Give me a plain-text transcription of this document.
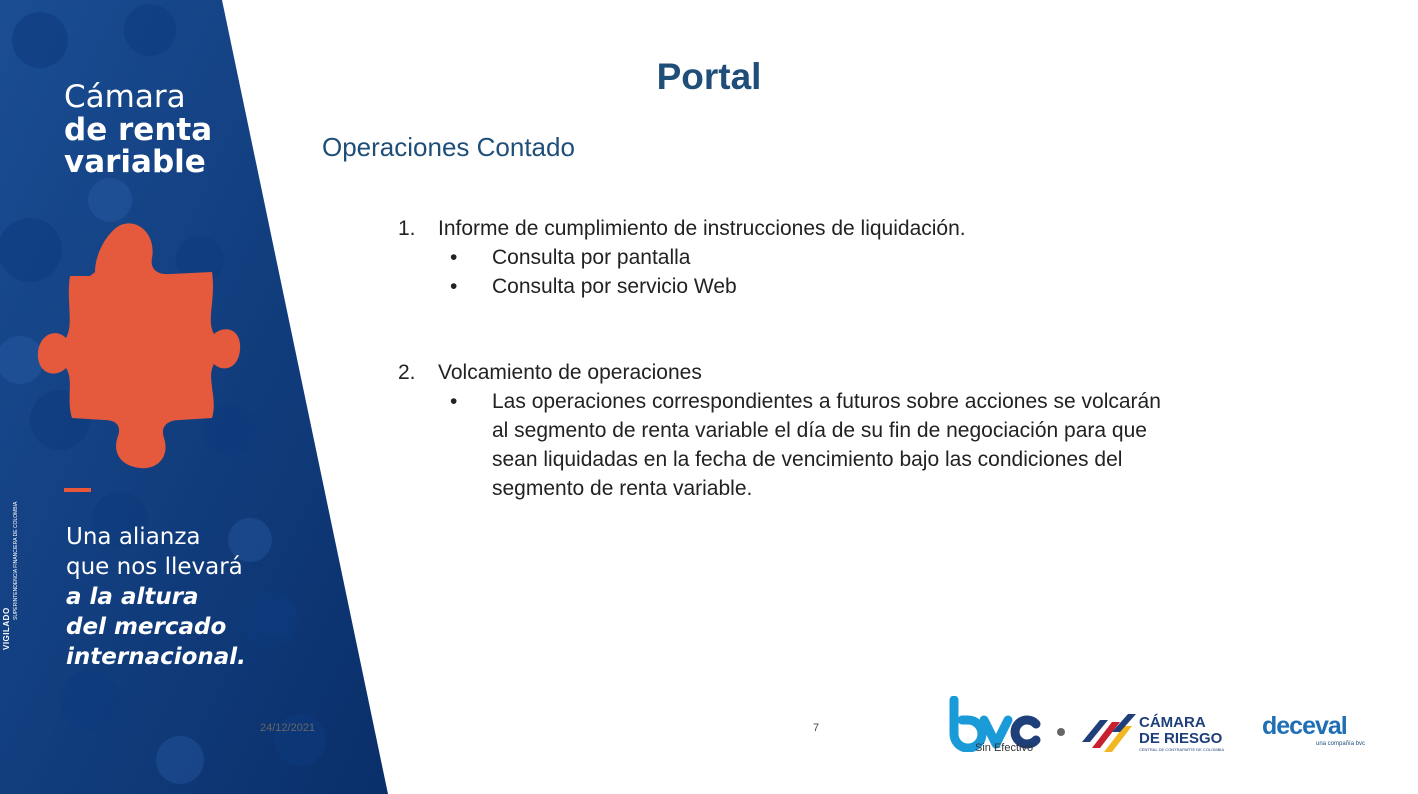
Cámara
de renta
variable
Una alianza
que nos llevará
a la altura
del mercado
internacional.
VIGILADO
SUPERINTENDENCIA FINANCIERA DE COLOMBIA
Portal
Operaciones Contado
1.	Informe de cumplimiento de instrucciones de liquidación.
•	Consulta por pantalla
•	Consulta por servicio Web
2.	Volcamiento de operaciones
•	Las operaciones correspondientes a futuros sobre acciones se volcarán al segmento de renta variable el día de su fin de negociación para que sean liquidadas en la fecha de vencimiento bajo las condiciones del segmento de renta variable.
24/12/2021	7
Sin Efectivo
CÁMARA
DE RIESGO
CENTRAL DE CONTRAPARTE DE COLOMBIA
deceval
una compañía bvc
